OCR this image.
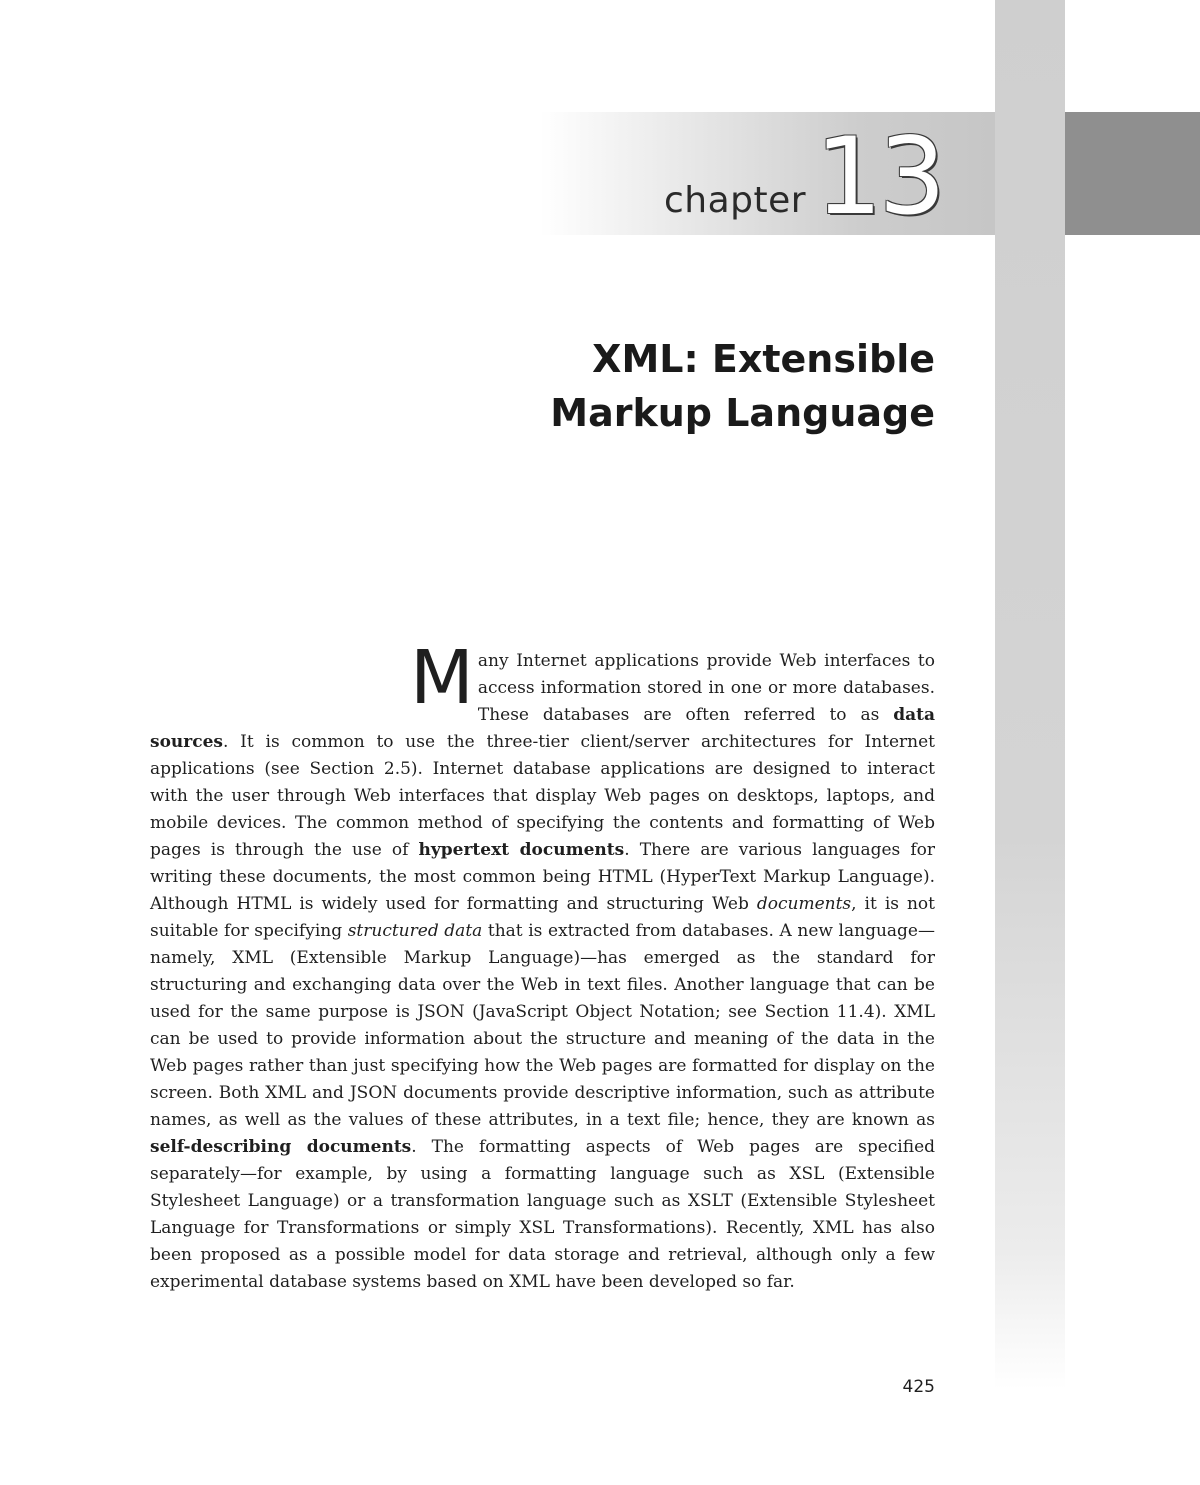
chapter 13
XML: Extensible
Markup Language
Many Internet applications provide Web interfaces to access information stored in one or more databases. These databases are often referred to as data sources. It is common to use the three-tier client/server architectures for Internet applications (see Section 2.5). Internet database applications are designed to interact with the user through Web interfaces that display Web pages on desktops, laptops, and mobile devices. The common method of specifying the contents and formatting of Web pages is through the use of hypertext documents. There are various languages for writing these documents, the most common being HTML (HyperText Markup Language). Although HTML is widely used for formatting and structuring Web documents, it is not suitable for specifying structured data that is extracted from databases. A new language—namely, XML (Extensible Markup Language)—has emerged as the standard for structuring and exchanging data over the Web in text files. Another language that can be used for the same purpose is JSON (JavaScript Object Notation; see Section 11.4). XML can be used to provide information about the structure and meaning of the data in the Web pages rather than just specifying how the Web pages are formatted for display on the screen. Both XML and JSON documents provide descriptive information, such as attribute names, as well as the values of these attributes, in a text file; hence, they are known as self-describing documents. The formatting aspects of Web pages are specified separately—for example, by using a formatting language such as XSL (Extensible Stylesheet Language) or a transformation language such as XSLT (Extensible Stylesheet Language for Transformations or simply XSL Transformations). Recently, XML has also been proposed as a possible model for data storage and retrieval, although only a few experimental database systems based on XML have been developed so far.
425
